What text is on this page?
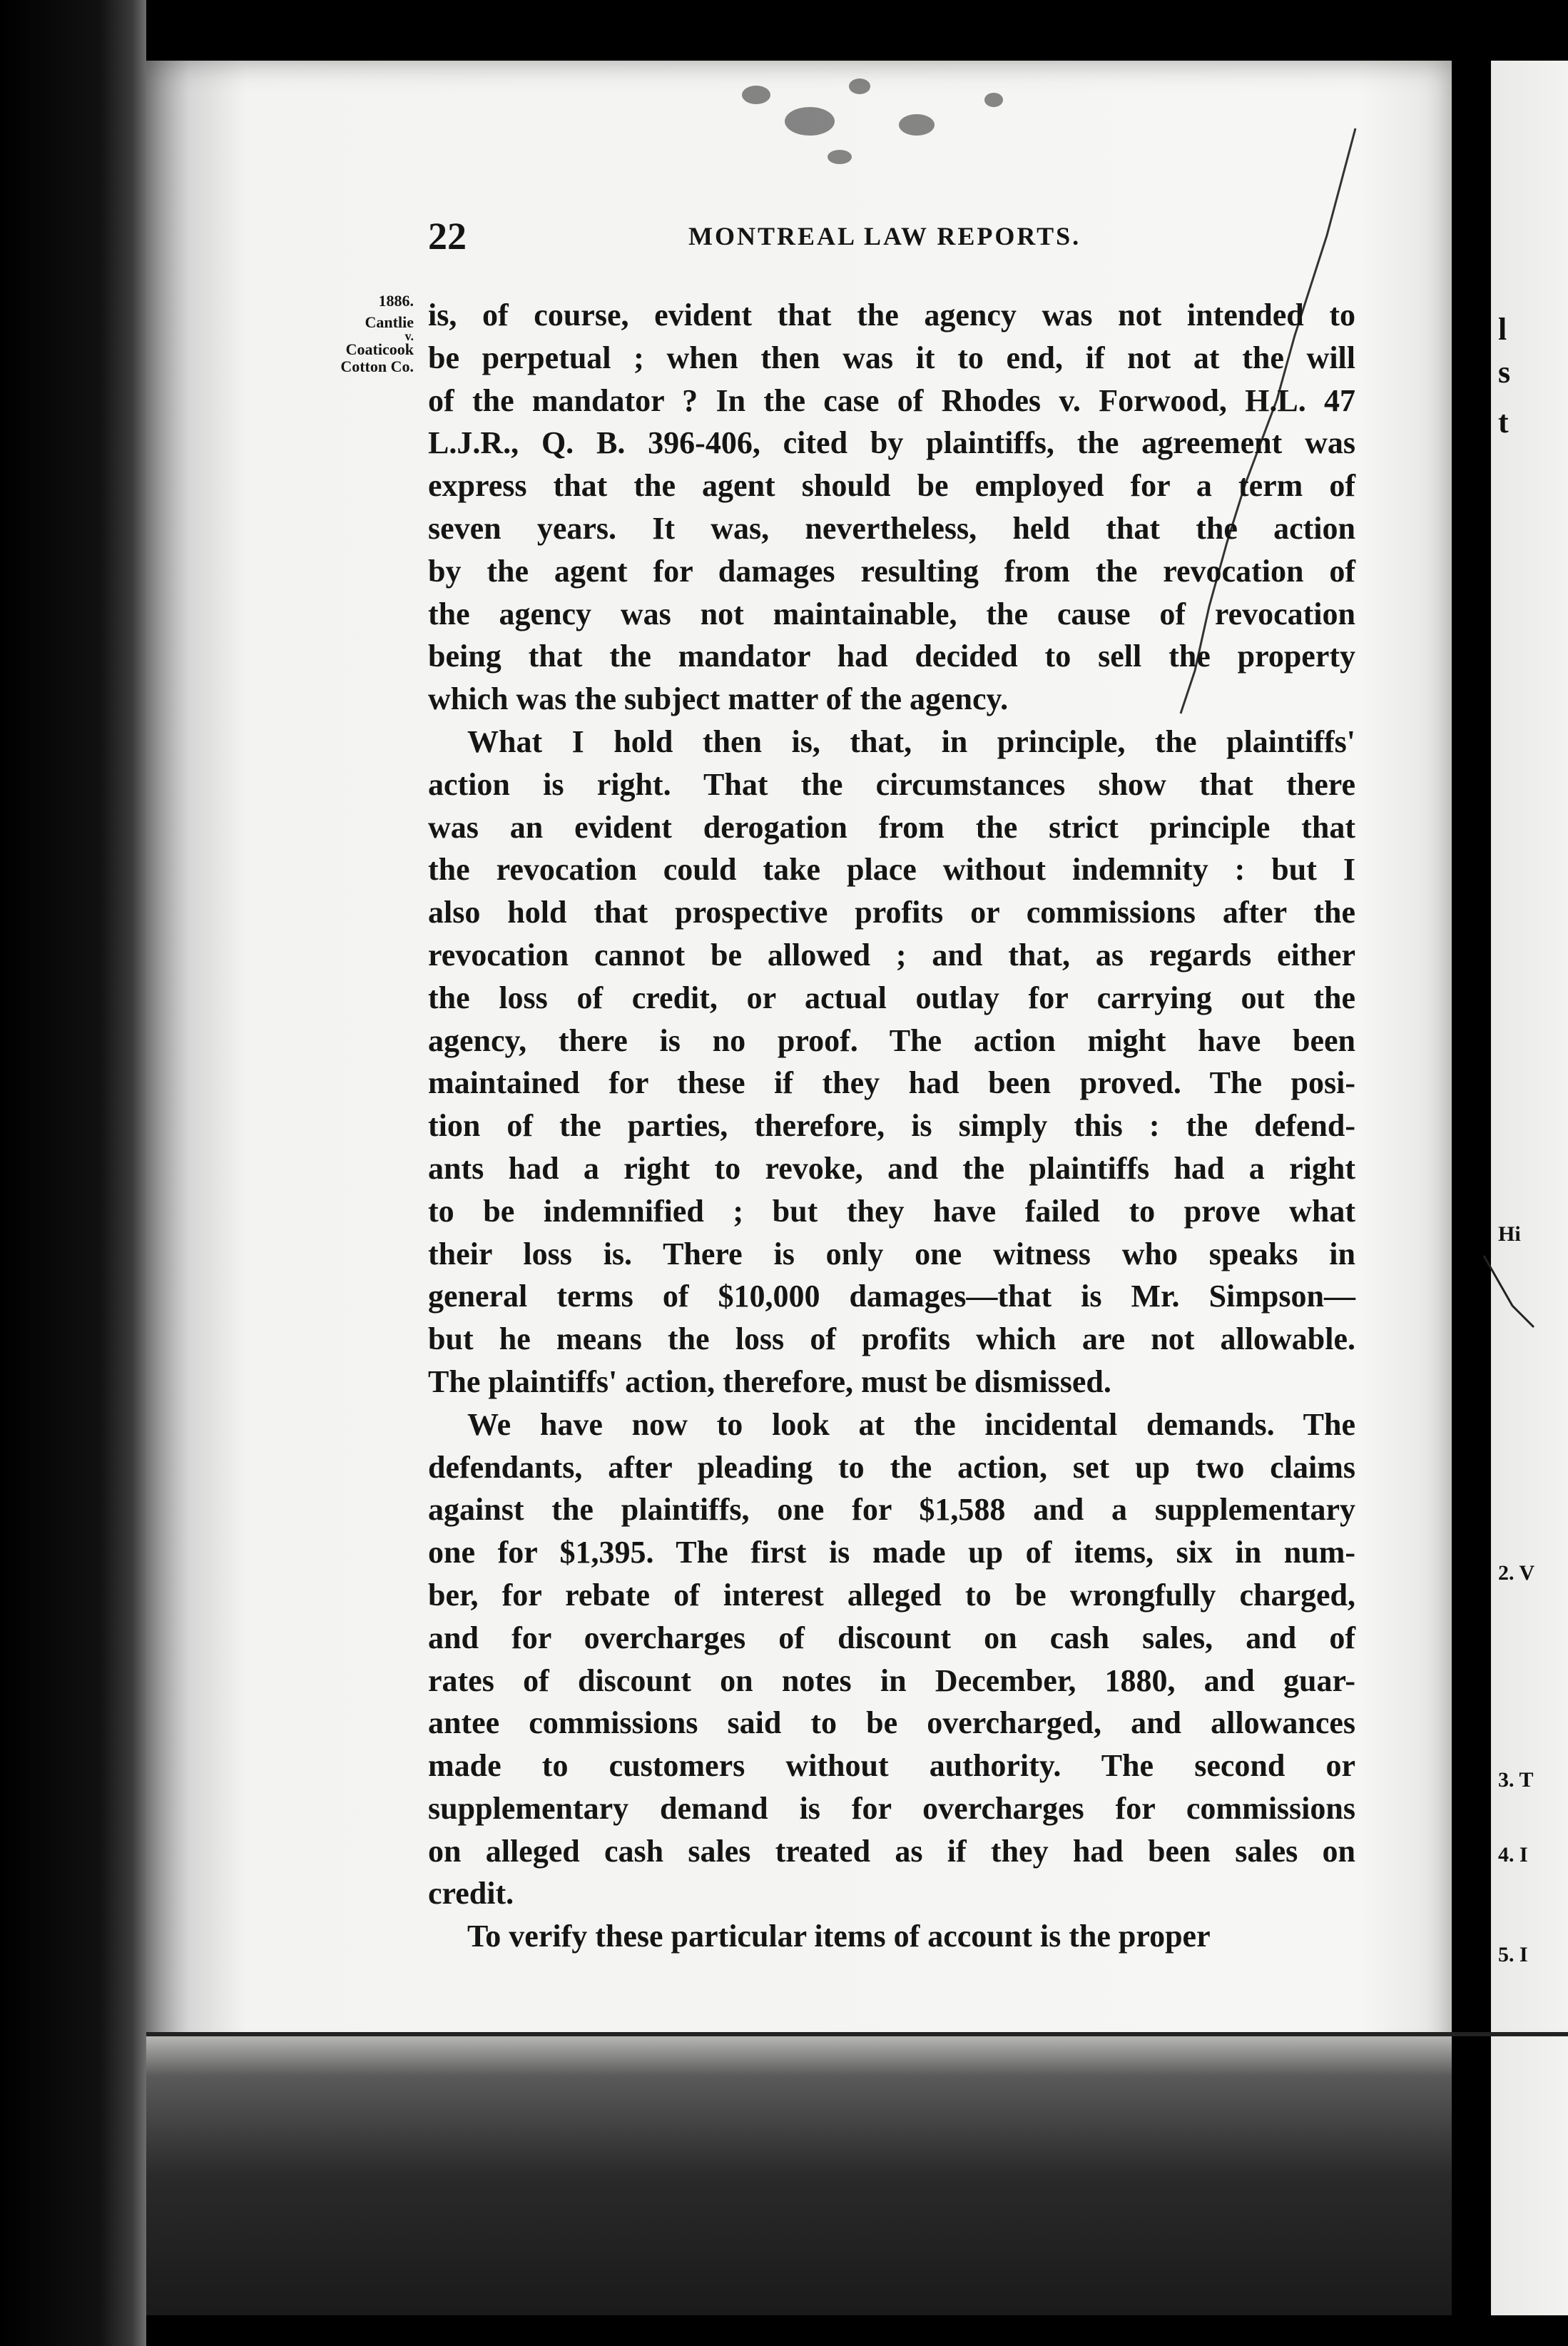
22	MONTREAL LAW REPORTS.
1886.
Cantlie
v.
Coaticook
Cotton Co.
is, of course, evident that the agency was not intended to
be perpetual ; when then was it to end, if not at the will
of the mandator ? In the case of Rhodes v. Forwood, H.L. 47
L.J.R., Q. B. 396-406, cited by plaintiffs, the agreement was
express that the agent should be employed for a term of
seven years. It was, nevertheless, held that the action
by the agent for damages resulting from the revocation of
the agency was not maintainable, the cause of revocation
being that the mandator had decided to sell the property
which was the subject matter of the agency.
What I hold then is, that, in principle, the plaintiffs'
action is right. That the circumstances show that there
was an evident derogation from the strict principle that
the revocation could take place without indemnity : but I
also hold that prospective profits or commissions after the
revocation cannot be allowed ; and that, as regards either
the loss of credit, or actual outlay for carrying out the
agency, there is no proof. The action might have been
maintained for these if they had been proved. The posi-
tion of the parties, therefore, is simply this : the defend-
ants had a right to revoke, and the plaintiffs had a right
to be indemnified ; but they have failed to prove what
their loss is. There is only one witness who speaks in
general terms of $10,000 damages—that is Mr. Simpson—
but he means the loss of profits which are not allowable.
The plaintiffs' action, therefore, must be dismissed.
We have now to look at the incidental demands. The
defendants, after pleading to the action, set up two claims
against the plaintiffs, one for $1,588 and a supplementary
one for $1,395. The first is made up of items, six in num-
ber, for rebate of interest alleged to be wrongfully charged,
and for overcharges of discount on cash sales, and of
rates of discount on notes in December, 1880, and guar-
antee commissions said to be overcharged, and allowances
made to customers without authority. The second or
supplementary demand is for overcharges for commissions
on alleged cash sales treated as if they had been sales on
credit.
To verify these particular items of account is the proper
l
s
t
Hi
2. V
3. T
4. I
5. I
